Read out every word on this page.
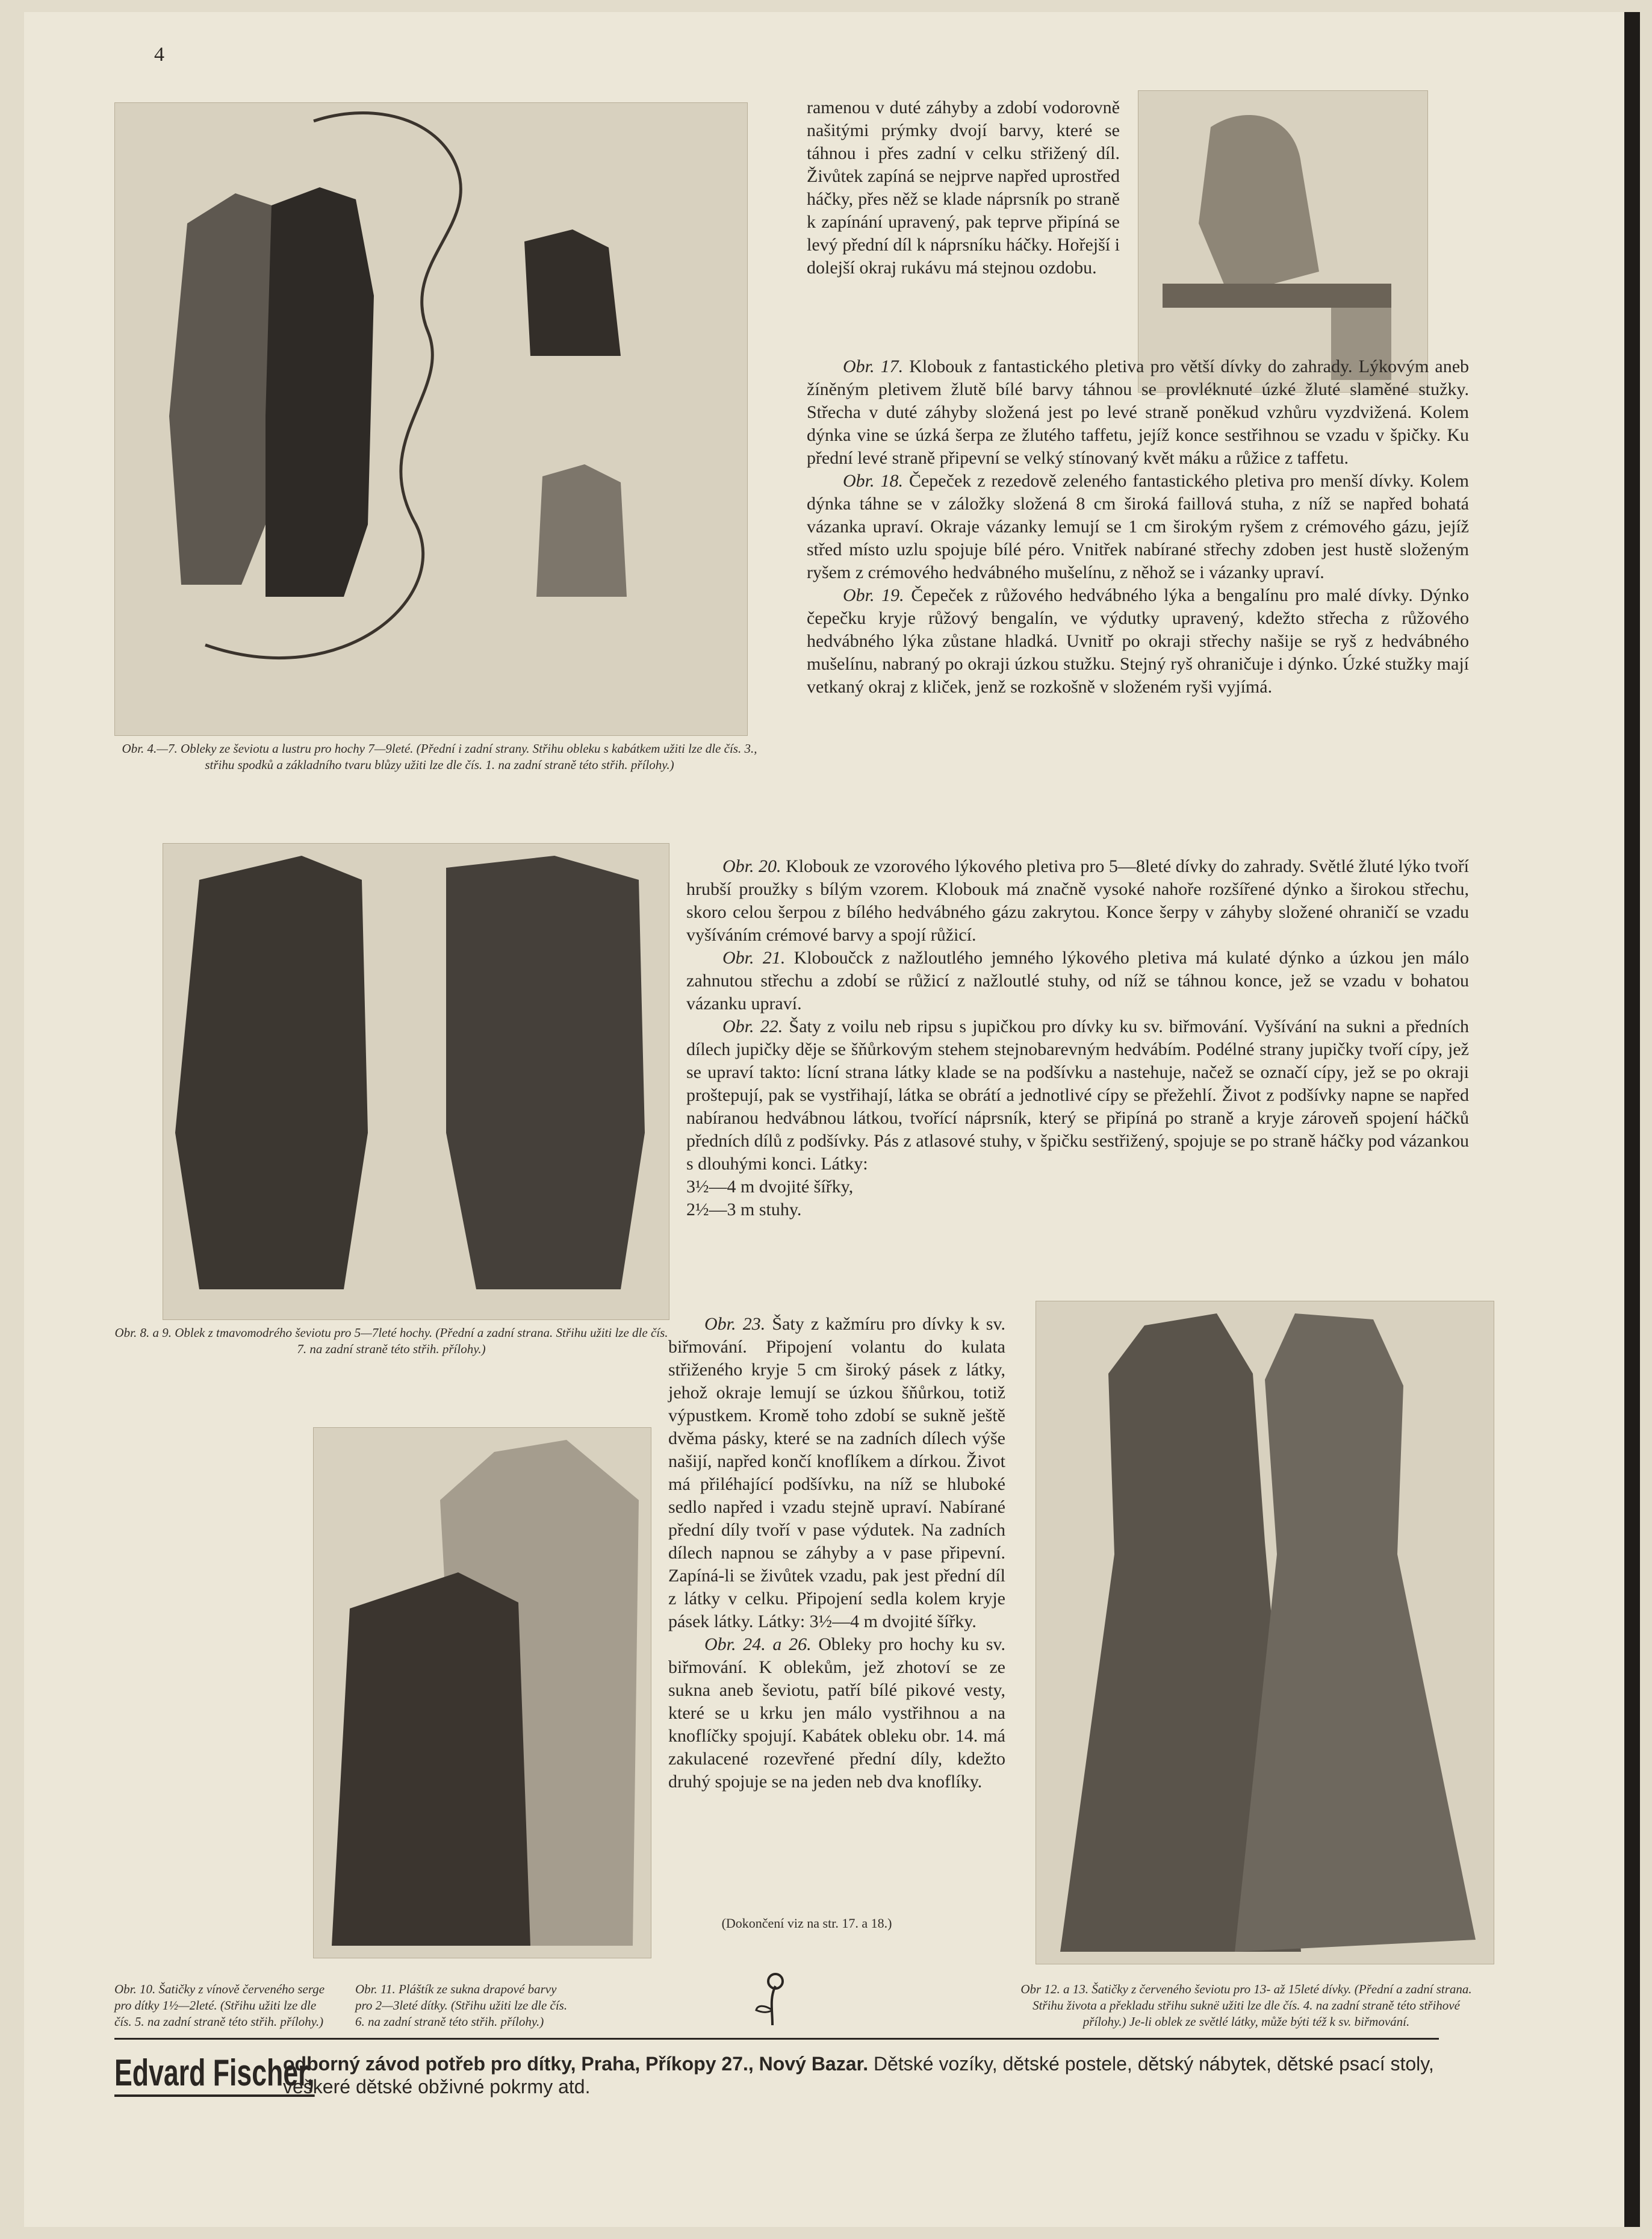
4
Obr. 4.—7. Obleky ze ševiotu a lustru pro hochy 7—9leté. (Přední i zadní strany. Střihu obleku s kabátkem užiti lze dle čís. 3., střihu spodků a základního tvaru blůzy užiti lze dle čís. 1. na zadní straně této střih. přílohy.)
Obr. 8. a 9. Oblek z tmavomodrého ševiotu pro 5—7leté hochy. (Přední a zadní strana. Střihu užiti lze dle čís. 7. na zadní straně této střih. přílohy.)
Obr. 10. Šatičky z vínově červeného serge pro dítky 1½—2leté. (Střihu užiti lze dle čís. 5. na zadní straně této střih. přílohy.)
Obr. 11. Pláštík ze sukna drapové barvy pro 2—3leté dítky. (Střihu užiti lze dle čís. 6. na zadní straně této střih. přílohy.)
Obr 12. a 13. Šatičky z červeného ševiotu pro 13- až 15leté dívky. (Přední a zadní strana. Střihu života a překladu střihu suknë užiti lze dle čís. 4. na zadní straně této střihové přílohy.) Je-li oblek ze světlé látky, může býti též k sv. biřmování.

ramenou v duté záhyby a zdobí vodorovně našitými prýmky dvojí barvy, které se táhnou i přes zadní v celku střižený díl. Živůtek zapíná se nejprve napřed uprostřed háčky, přes něž se klade náprsník po straně k zapínání upravený, pak teprve připíná se levý přední díl k náprsníku háčky. Hořejší i dolejší okraj rukávu má stejnou ozdobu.

Obr. 17. Klobouk z fantastického pletiva pro větší dívky do zahrady. Lýkovým aneb žíněným pletivem žlutě bílé barvy táhnou se provléknuté úzké žluté slaměné stužky. Střecha v duté záhyby složená jest po levé straně poněkud vzhůru vyzdvižená. Kolem dýnka vine se úzká šerpa ze žlutého taffetu, jejíž konce sestřihnou se vzadu v špičky. Ku přední levé straně připevní se velký stínovaný květ máku a růžice z taffetu.

Obr. 18. Čepeček z rezedově zeleného fantastického pletiva pro menší dívky. Kolem dýnka táhne se v záložky složená 8 cm široká faillová stuha, z níž se napřed bohatá vázanka upraví. Okraje vázanky lemují se 1 cm širokým ryšem z crémového gázu, jejíž střed místo uzlu spojuje bílé péro. Vnitřek nabírané střechy zdoben jest hustě složeným ryšem z crémového hedvábného mušelínu, z něhož se i vázanky upraví.

Obr. 19. Čepeček z růžového hedvábného lýka a bengalínu pro malé dívky. Dýnko čepečku kryje růžový bengalín, ve výdutky upravený, kdežto střecha z růžového hedvábného lýka zůstane hladká. Uvnitř po okraji střechy našije se ryš z hedvábného mušelínu, nabraný po okraji úzkou stužku. Stejný ryš ohraničuje i dýnko. Úzké stužky mají vetkaný okraj z kliček, jenž se rozkošně v složeném ryši vyjímá.

Obr. 20. Klobouk ze vzorového lýkového pletiva pro 5—8leté dívky do zahrady. Světlé žluté lýko tvoří hrubší proužky s bílým vzorem. Klobouk má značně vysoké nahoře rozšířené dýnko a širokou střechu, skoro celou šerpou z bílého hedvábného gázu zakrytou. Konce šerpy v záhyby složené ohraničí se vzadu vyšíváním crémové barvy a spojí růžicí.

Obr. 21. Kloboučck z nažloutlého jemného lýkového pletiva má kulaté dýnko a úzkou jen málo zahnutou střechu a zdobí se růžicí z nažloutlé stuhy, od níž se táhnou konce, jež se vzadu v bohatou vázanku upraví.

Obr. 22. Šaty z voilu neb ripsu s jupičkou pro dívky ku sv. biřmování. Vyšívání na sukni a předních dílech jupičky děje se šňůrkovým stehem stejnobarevným hedvábím. Podélné strany jupičky tvoří cípy, jež se upraví takto: lícní strana látky klade se na podšívku a nastehuje, načež se označí cípy, jež se po okraji proštepují, pak se vystřihají, látka se obrátí a jednotlivé cípy se přežehlí. Život z podšívky napne se napřed nabíranou hedvábnou látkou, tvořící náprsník, který se připíná po straně a kryje zároveň spojení háčků předních dílů z podšívky. Pás z atlasové stuhy, v špičku sestřižený, spojuje se po straně háčky pod vázankou s dlouhými konci. Látky:

3½—4 m dvojité šířky,

2½—3 m stuhy.

Obr. 23. Šaty z kažmíru pro dívky k sv. biřmování. Připojení volantu do kulata střiženého kryje 5 cm široký pásek z látky, jehož okraje lemují se úzkou šňůrkou, totiž výpustkem. Kromě toho zdobí se sukně ještě dvěma pásky, které se na zadních dílech výše našijí, napřed končí knoflíkem a dírkou. Život má přiléhající podšívku, na níž se hluboké sedlo napřed i vzadu stejně upraví. Nabírané přední díly tvoří v pase výdutek. Na zadních dílech napnou se záhyby a v pase připevní. Zapíná-li se živůtek vzadu, pak jest přední díl z látky v celku. Připojení sedla kolem kryje pásek látky. Látky: 3½—4 m dvojité šířky.

Obr. 24. a 26. Obleky pro hochy ku sv. biřmování. K oblekům, jež zhotoví se ze sukna aneb ševiotu, patří bílé pikové vesty, které se u krku jen málo vystřihnou a na knoflíčky spojují. Kabátek obleku obr. 14. má zakulacené rozevřené přední díly, kdežto druhý spojuje se na jeden neb dva knoflíky.

(Dokončení viz na str. 17. a 18.)
Edvard Fischer,
odborný závod potřeb pro dítky, Praha, Příkopy 27., Nový Bazar. Dětské vozíky, dětské postele, dětský nábytek, dětské psací stoly, veškeré dětské obživné pokrmy atd.
